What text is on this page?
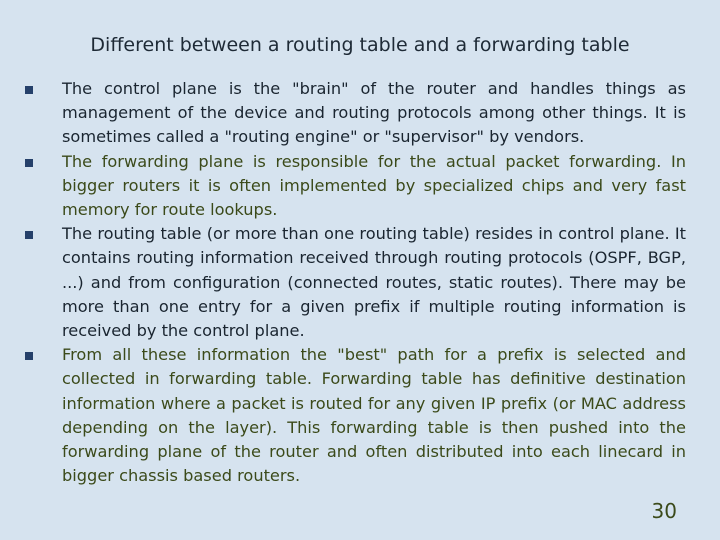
Different between a routing table and a forwarding table
The control plane is the "brain" of the router and handles things as management of the device and routing protocols among other things. It is sometimes called a "routing engine" or "supervisor" by vendors.
The forwarding plane is responsible for the actual packet forwarding. In bigger routers it is often implemented by specialized chips and very fast memory for route lookups.
The routing table (or more than one routing table) resides in control plane. It contains routing information received through routing protocols (OSPF, BGP, ...) and from configuration (connected routes, static routes). There may be more than one entry for a given prefix if multiple routing information is received by the control plane.
From all these information the "best" path for a prefix is selected and collected in forwarding table. Forwarding table has definitive destination information where a packet is routed for any given IP prefix (or MAC address depending on the layer). This forwarding table is then pushed into the forwarding plane of the router and often distributed into each linecard in bigger chassis based routers.
30
